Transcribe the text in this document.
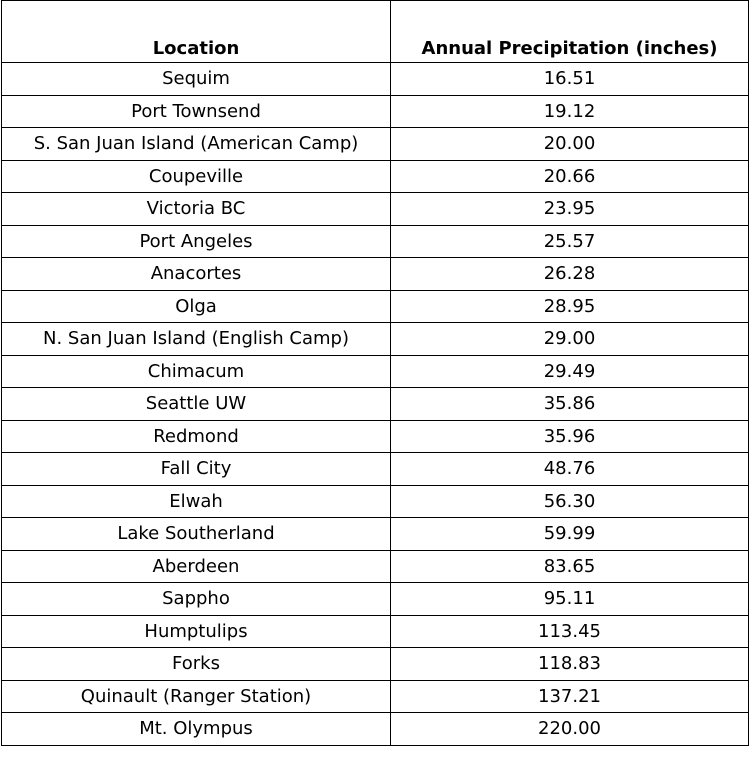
Location	Annual Precipitation (inches)
Sequim	16.51
Port Townsend	19.12
S. San Juan Island (American Camp)	20.00
Coupeville	20.66
Victoria BC	23.95
Port Angeles	25.57
Anacortes	26.28
Olga	28.95
N. San Juan Island (English Camp)	29.00
Chimacum	29.49
Seattle UW	35.86
Redmond	35.96
Fall City	48.76
Elwah	56.30
Lake Southerland	59.99
Aberdeen	83.65
Sappho	95.11
Humptulips	113.45
Forks	118.83
Quinault (Ranger Station)	137.21
Mt. Olympus	220.00
